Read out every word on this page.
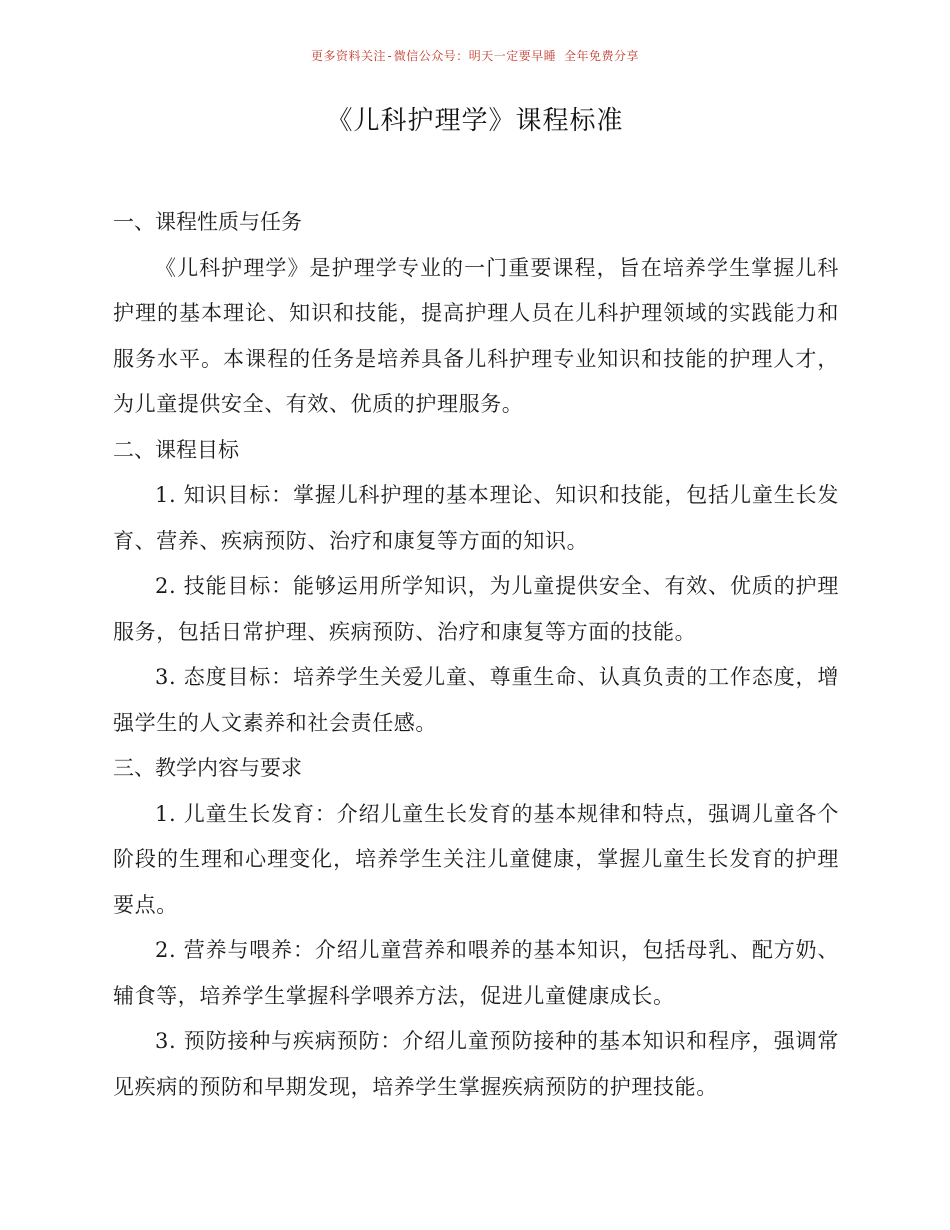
更多资料关注-微信公众号：明天一定要早睡 全年免费分享
《儿科护理学》课程标准
一、课程性质与任务

《儿科护理学》是护理学专业的一门重要课程，旨在培养学生掌握儿科护理的基本理论、知识和技能，提高护理人员在儿科护理领域的实践能力和服务水平。本课程的任务是培养具备儿科护理专业知识和技能的护理人才，为儿童提供安全、有效、优质的护理服务。

二、课程目标

1. 知识目标：掌握儿科护理的基本理论、知识和技能，包括儿童生长发育、营养、疾病预防、治疗和康复等方面的知识。

2. 技能目标：能够运用所学知识，为儿童提供安全、有效、优质的护理服务，包括日常护理、疾病预防、治疗和康复等方面的技能。

3. 态度目标：培养学生关爱儿童、尊重生命、认真负责的工作态度，增强学生的人文素养和社会责任感。

三、教学内容与要求

1. 儿童生长发育：介绍儿童生长发育的基本规律和特点，强调儿童各个阶段的生理和心理变化，培养学生关注儿童健康，掌握儿童生长发育的护理要点。

2. 营养与喂养：介绍儿童营养和喂养的基本知识，包括母乳、配方奶、辅食等，培养学生掌握科学喂养方法，促进儿童健康成长。

3. 预防接种与疾病预防：介绍儿童预防接种的基本知识和程序，强调常见疾病的预防和早期发现，培养学生掌握疾病预防的护理技能。
